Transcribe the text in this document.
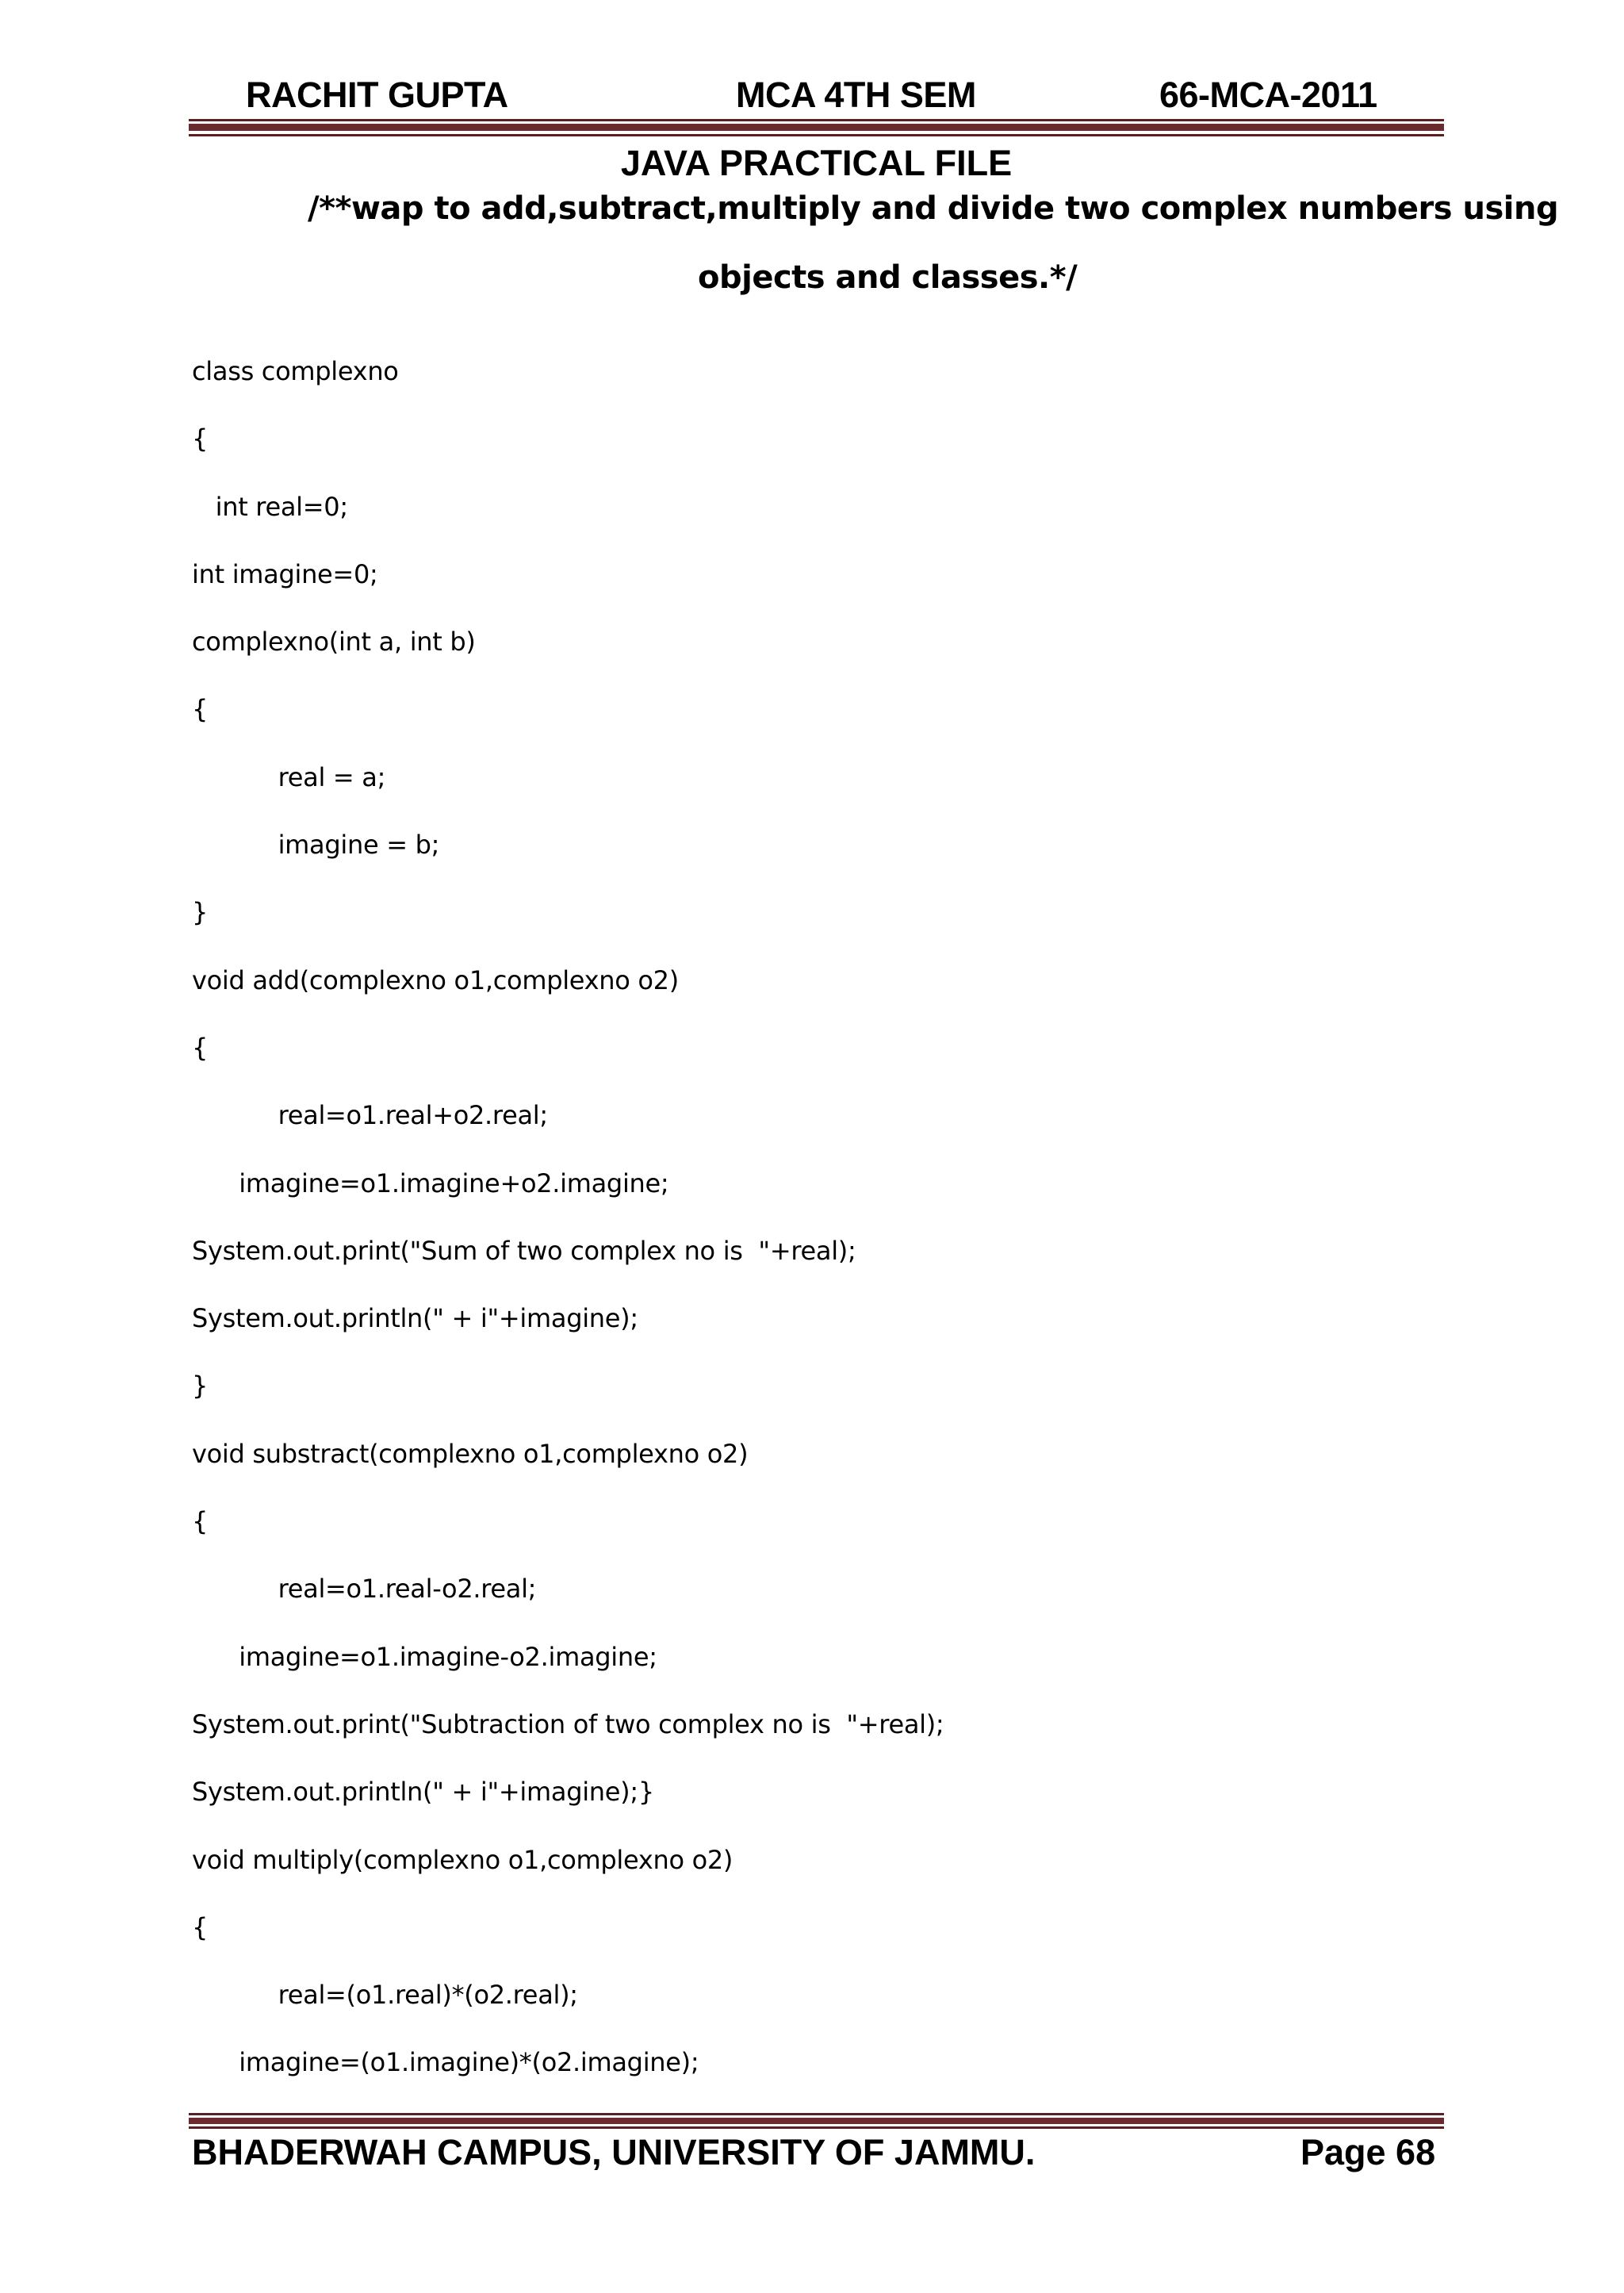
RACHIT GUPTA	MCA 4TH SEM	66-MCA-2011
JAVA PRACTICAL FILE
/**wap to add,subtract,multiply and divide two complex numbers using
objects and classes.*/
class complexno
{
int real=0;
int imagine=0;
complexno(int a, int b)
{
real = a;
imagine = b;
}
void add(complexno o1,complexno o2)
{
real=o1.real+o2.real;
imagine=o1.imagine+o2.imagine;
System.out.print("Sum of two complex no is  "+real);
System.out.println(" + i"+imagine);
}
void substract(complexno o1,complexno o2)
{
real=o1.real-o2.real;
imagine=o1.imagine-o2.imagine;
System.out.print("Subtraction of two complex no is  "+real);
System.out.println(" + i"+imagine);}
void multiply(complexno o1,complexno o2)
{
real=(o1.real)*(o2.real);
imagine=(o1.imagine)*(o2.imagine);
BHADERWAH CAMPUS, UNIVERSITY OF JAMMU.	Page 68
